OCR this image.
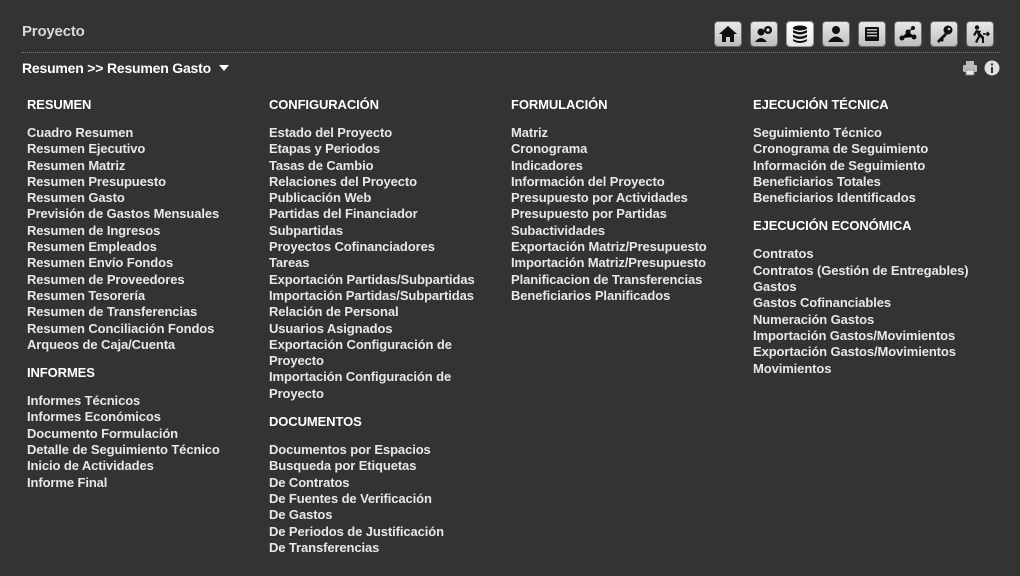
Proyecto
Resumen >> Resumen Gasto
RESUMEN
Cuadro Resumen
Resumen Ejecutivo
Resumen Matriz
Resumen Presupuesto
Resumen Gasto
Previsión de Gastos Mensuales
Resumen de Ingresos
Resumen Empleados
Resumen Envío Fondos
Resumen de Proveedores
Resumen Tesorería
Resumen de Transferencias
Resumen Conciliación Fondos
Arqueos de Caja/Cuenta
INFORMES
Informes Técnicos
Informes Económicos
Documento Formulación
Detalle de Seguimiento Técnico
Inicio de Actividades
Informe Final
CONFIGURACIÓN
Estado del Proyecto
Etapas y Periodos
Tasas de Cambio
Relaciones del Proyecto
Publicación Web
Partidas del Financiador
Subpartidas
Proyectos Cofinanciadores
Tareas
Exportación Partidas/Subpartidas
Importación Partidas/Subpartidas
Relación de Personal
Usuarios Asignados
Exportación Configuración de
Proyecto
Importación Configuración de
Proyecto
DOCUMENTOS
Documentos por Espacios
Busqueda por Etiquetas
De Contratos
De Fuentes de Verificación
De Gastos
De Periodos de Justificación
De Transferencias
FORMULACIÓN
Matriz
Cronograma
Indicadores
Información del Proyecto
Presupuesto por Actividades
Presupuesto por Partidas
Subactividades
Exportación Matriz/Presupuesto
Importación Matriz/Presupuesto
Planificacion de Transferencias
Beneficiarios Planificados
EJECUCIÓN TÉCNICA
Seguimiento Técnico
Cronograma de Seguimiento
Información de Seguimiento
Beneficiarios Totales
Beneficiarios Identificados
EJECUCIÓN ECONÓMICA
Contratos
Contratos (Gestión de Entregables)
Gastos
Gastos Cofinanciables
Numeración Gastos
Importación Gastos/Movimientos
Exportación Gastos/Movimientos
Movimientos
